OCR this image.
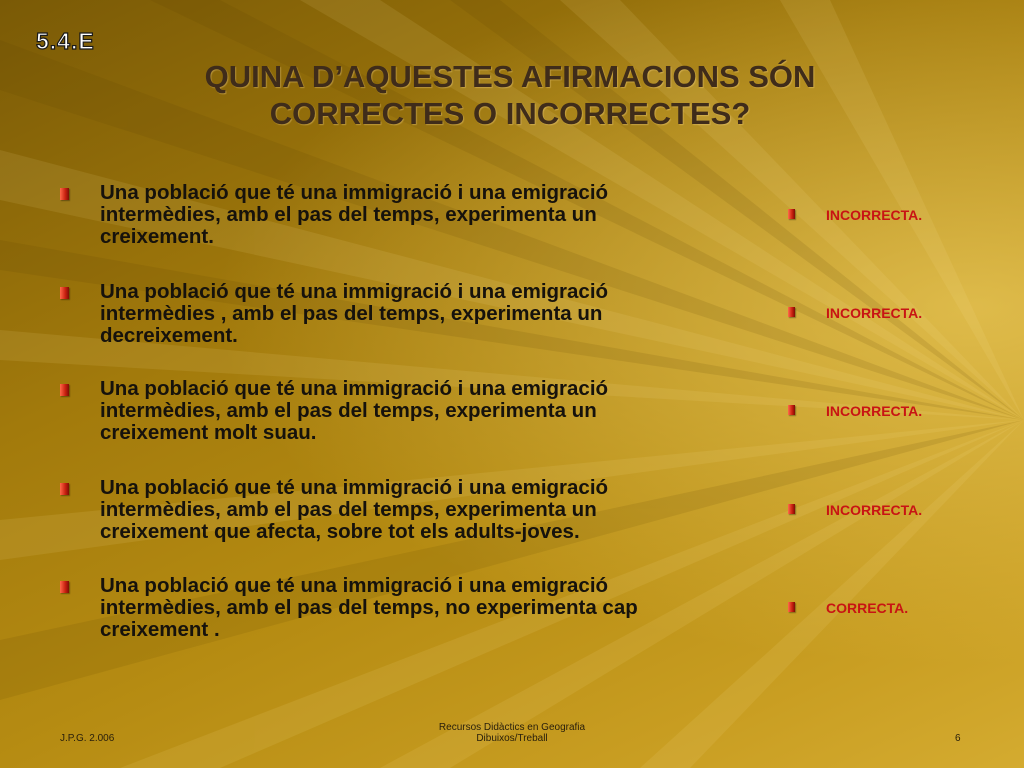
5.4.E
QUINA D’AQUESTES AFIRMACIONS SÓN
CORRECTES O INCORRECTES?
Una població que té una immigració i una emigració
intermèdies, amb el pas del temps, experimenta un
creixement.
Una població que té una immigració i una emigració
intermèdies , amb el pas del temps, experimenta un
decreixement.
Una població que té una immigració i una emigració
intermèdies, amb el pas del temps, experimenta un
creixement molt suau.
Una població que té una immigració i una emigració
intermèdies, amb el pas del temps, experimenta un
creixement que afecta, sobre tot els adults-joves.
Una població que té una immigració i una emigració
intermèdies, amb el pas del temps, no experimenta cap
creixement .
INCORRECTA.
INCORRECTA.
INCORRECTA.
INCORRECTA.
CORRECTA.
J.P.G. 2.006
Recursos Didàctics en Geografia
Dibuixos/Treball	6
